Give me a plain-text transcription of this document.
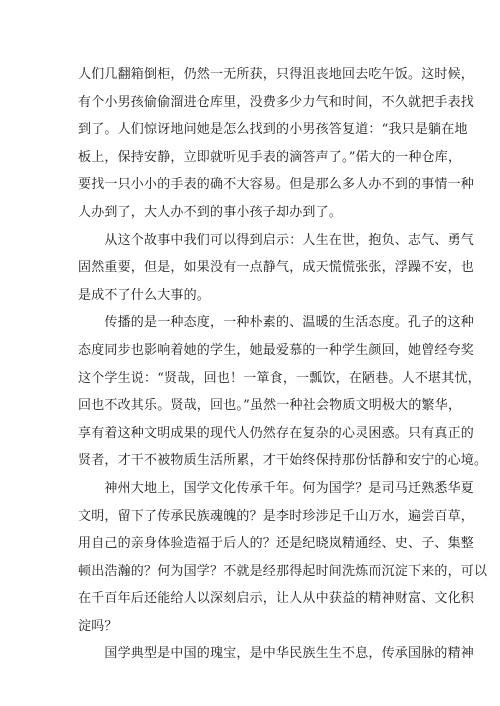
人们几翻箱倒柜，仍然一无所获，只得沮丧地回去吃午饭。这时候，
有个小男孩偷偷溜进仓库里，没费多少力气和时间，不久就把手表找
到了。人们惊讶地问她是怎么找到的小男孩答复道：“我只是躺在地
板上，保持安静，立即就听见手表的滴答声了。”偌大的一种仓库，
要找一只小小的手表的确不大容易。但是那么多人办不到的事情一种
人办到了，大人办不到的事小孩子却办到了。
　　从这个故事中我们可以得到启示：人生在世，抱负、志气、勇气
固然重要，但是，如果没有一点静气，成天慌慌张张，浮躁不安，也
是成不了什么大事的。
　　传播的是一种态度，一种朴素的、温暖的生活态度。孔子的这种
态度同步也影响着她的学生，她最爱慕的一种学生颜回，她曾经夸奖
这个学生说：“贤哉，回也！一箪食，一瓢饮，在陋巷。人不堪其忧，
回也不改其乐。贤哉，回也。”虽然一种社会物质文明极大的繁华，
享有着这种文明成果的现代人仍然存在复杂的心灵困惑。只有真正的
贤者，才干不被物质生活所累，才干始终保持那份恬静和安宁的心境。
　　神州大地上，国学文化传承千年。何为国学？是司马迁熟悉华夏
文明，留下了传承民族魂魄的？是李时珍涉足千山万水，遍尝百草，
用自己的亲身体验造福于后人的？还是纪晓岚精通经、史、子、集整
顿出浩瀚的？何为国学？不就是经那得起时间洗炼而沉淀下来的，可以
在千百年后还能给人以深刻启示，让人从中获益的精神财富、文化积
淀吗？
　　国学典型是中国的瑰宝，是中华民族生生不息，传承国脉的精神
